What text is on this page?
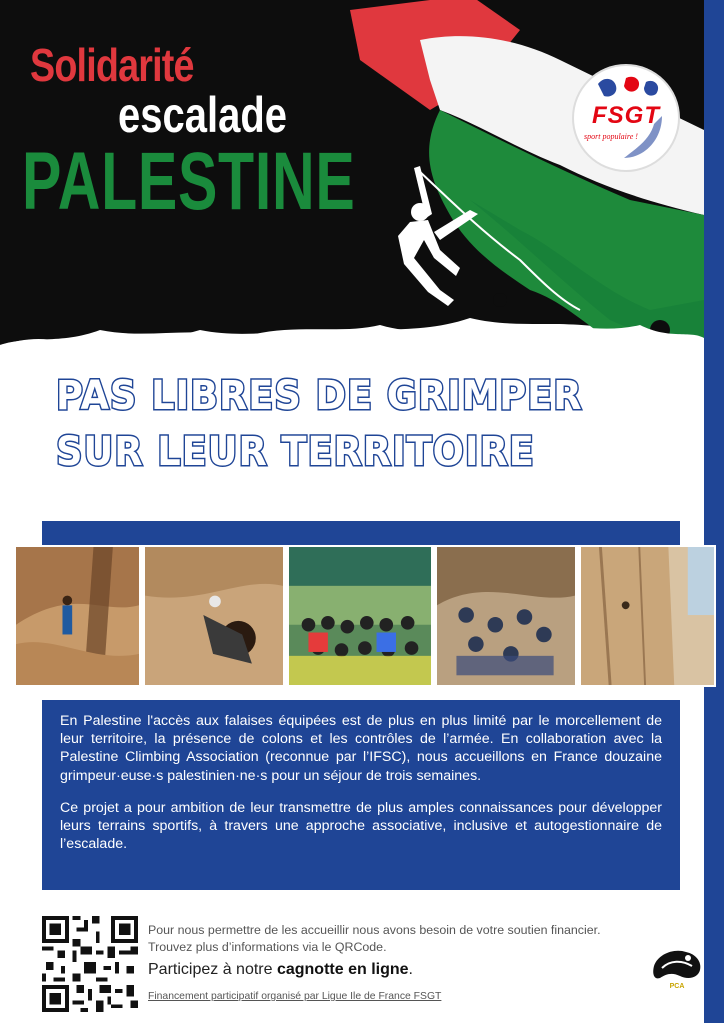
Solidarité
escalade
PALESTINE
FSGT
sport populaire !
PAS LIBRES DE GRIMPER
SUR LEUR TERRITOIRE

En Palestine l'accès aux falaises équipées est de plus en plus limité par le morcellement de leur territoire, la présence de colons et les contrôles de l’armée. En collaboration avec la Palestine Climbing Association (reconnue par l’IFSC), nous accueillons en France douzaine grimpeur·euse·s palestinien·ne·s pour un séjour de trois semaines.

Ce projet a pour ambition de leur transmettre de plus amples connaissances pour développer leurs terrains sportifs, à travers une approche associative, inclusive et autogestionnaire de l’escalade.

Pour nous permettre de les accueillir nous avons besoin de votre soutien financier. Trouvez plus d’informations via le QRCode.
Participez à notre cagnotte en ligne.
Financement participatif organisé par Ligue Ile de France FSGT
PCA
